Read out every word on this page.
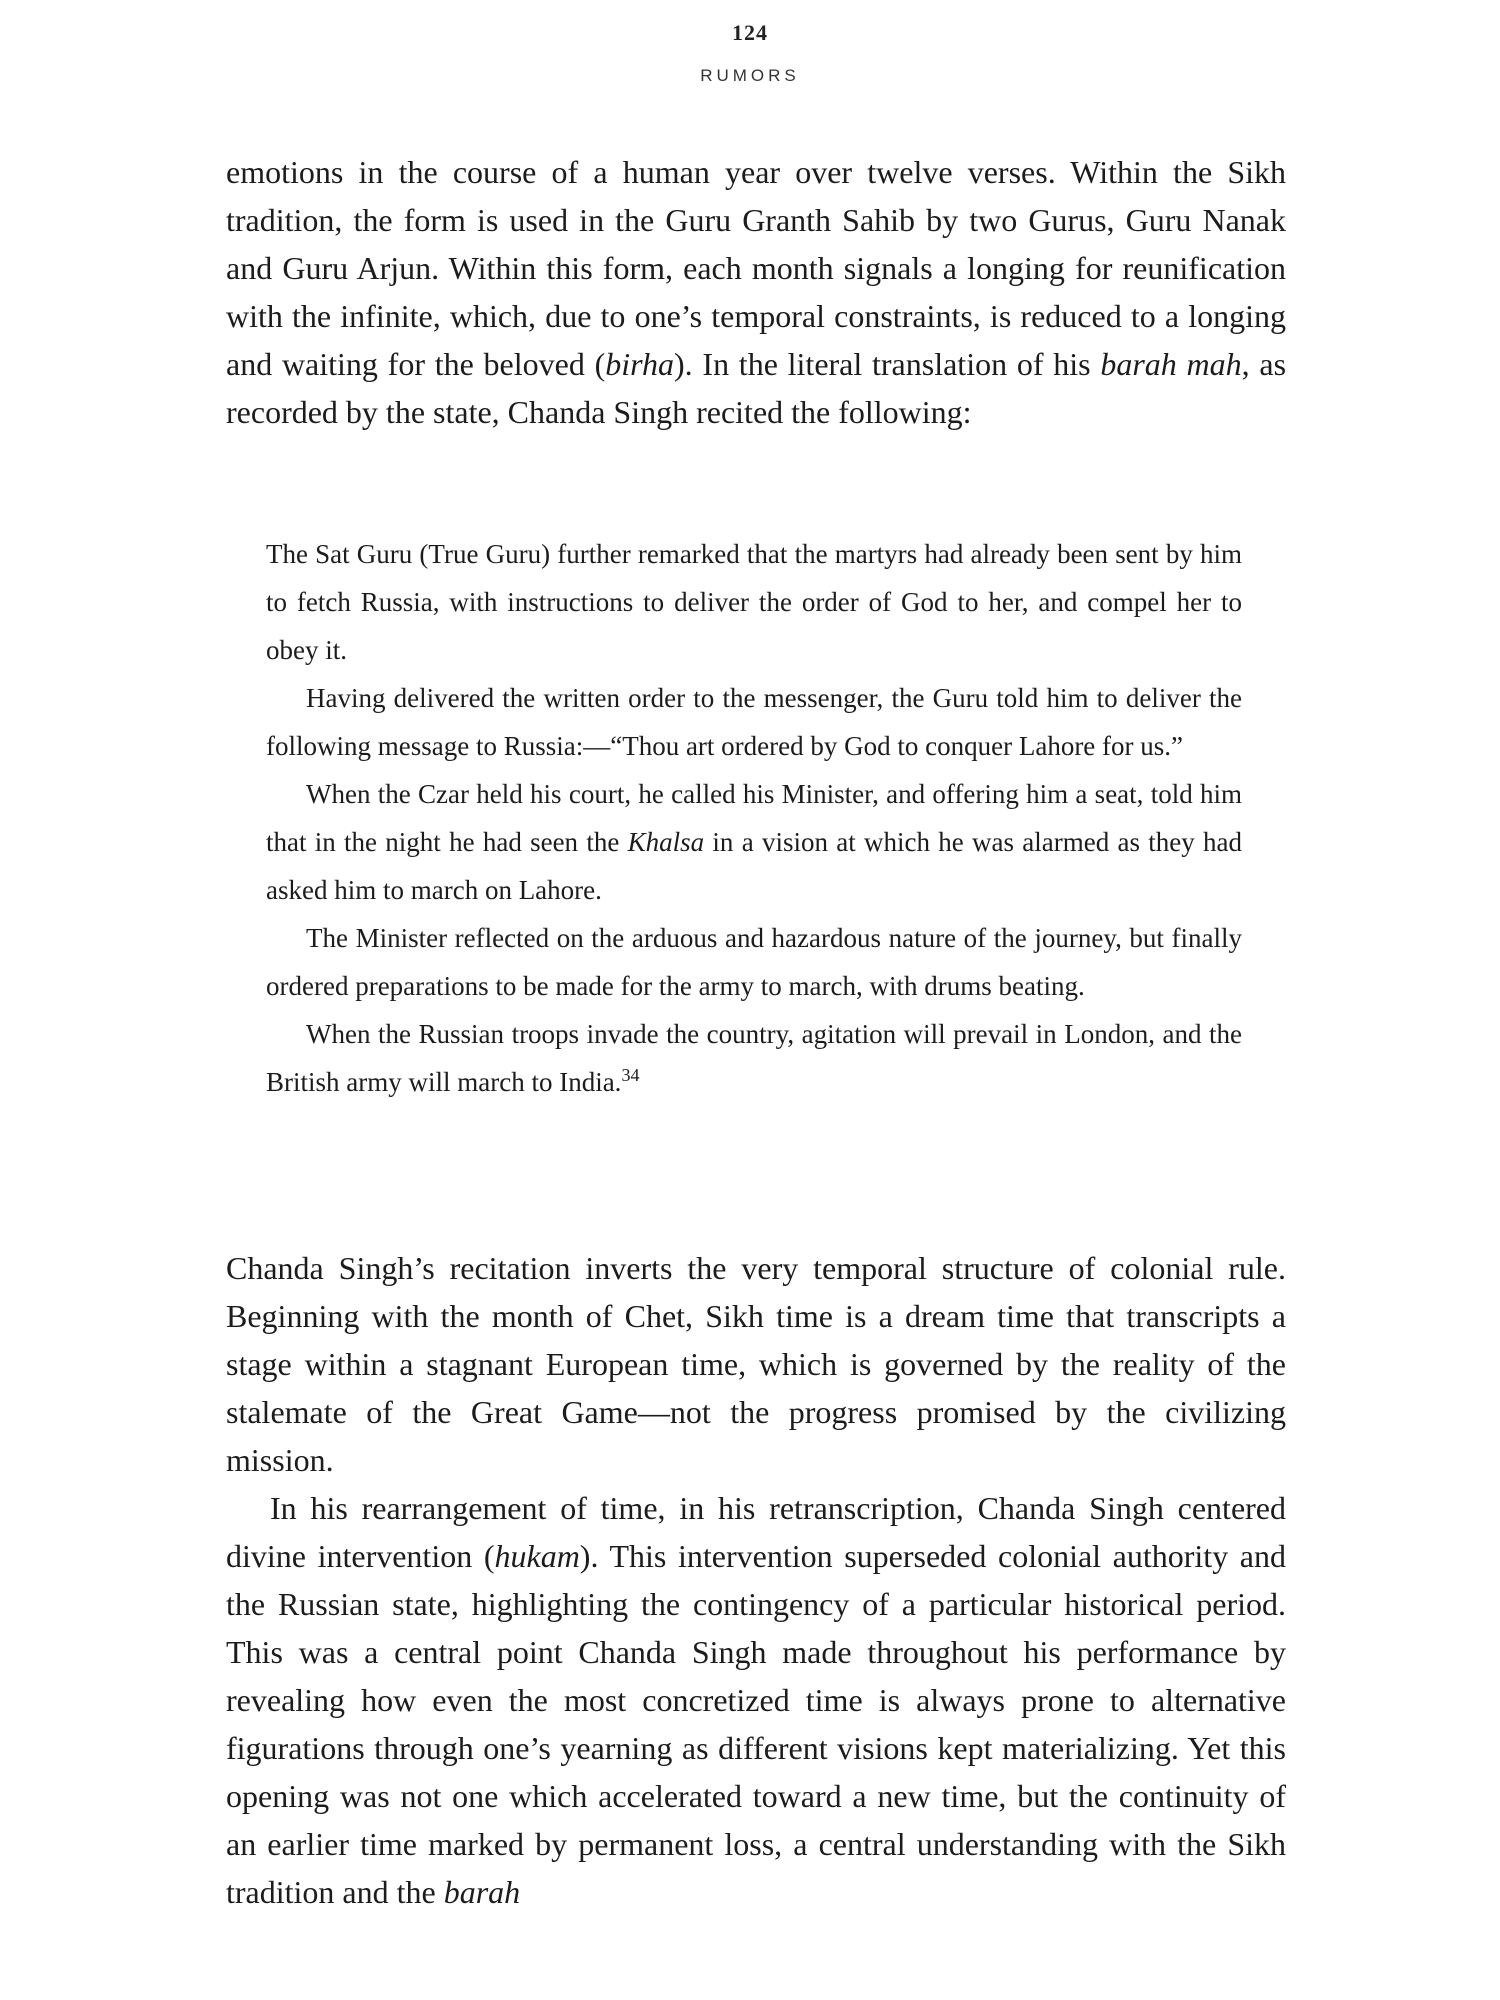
124
RUMORS

emotions in the course of a human year over twelve verses. Within the Sikh tradition, the form is used in the Guru Granth Sahib by two Gurus, Guru Nanak and Guru Arjun. Within this form, each month signals a longing for reunification with the infinite, which, due to one’s temporal constraints, is reduced to a longing and waiting for the beloved (birha). In the literal translation of his barah mah, as recorded by the state, Chanda Singh recited the following:

The Sat Guru (True Guru) further remarked that the martyrs had already been sent by him to fetch Russia, with instructions to deliver the order of God to her, and compel her to obey it.

Having delivered the written order to the messenger, the Guru told him to deliver the following message to Russia:—“Thou art ordered by God to conquer Lahore for us.”

When the Czar held his court, he called his Minister, and offering him a seat, told him that in the night he had seen the Khalsa in a vision at which he was alarmed as they had asked him to march on Lahore.

The Minister reflected on the arduous and hazardous nature of the journey, but finally ordered preparations to be made for the army to march, with drums beating.

When the Russian troops invade the country, agitation will prevail in London, and the British army will march to India.$^{34}$

Chanda Singh’s recitation inverts the very temporal structure of colonial rule. Beginning with the month of Chet, Sikh time is a dream time that transcripts a stage within a stagnant European time, which is governed by the reality of the stalemate of the Great Game—not the progress promised by the civilizing mission.

In his rearrangement of time, in his retranscription, Chanda Singh centered divine intervention (hukam). This intervention superseded colonial authority and the Russian state, highlighting the contingency of a particular historical period. This was a central point Chanda Singh made throughout his performance by revealing how even the most concretized time is always prone to alternative figurations through one’s yearning as different visions kept materializing. Yet this opening was not one which accelerated toward a new time, but the continuity of an earlier time marked by permanent loss, a central understanding with the Sikh tradition and the barah
